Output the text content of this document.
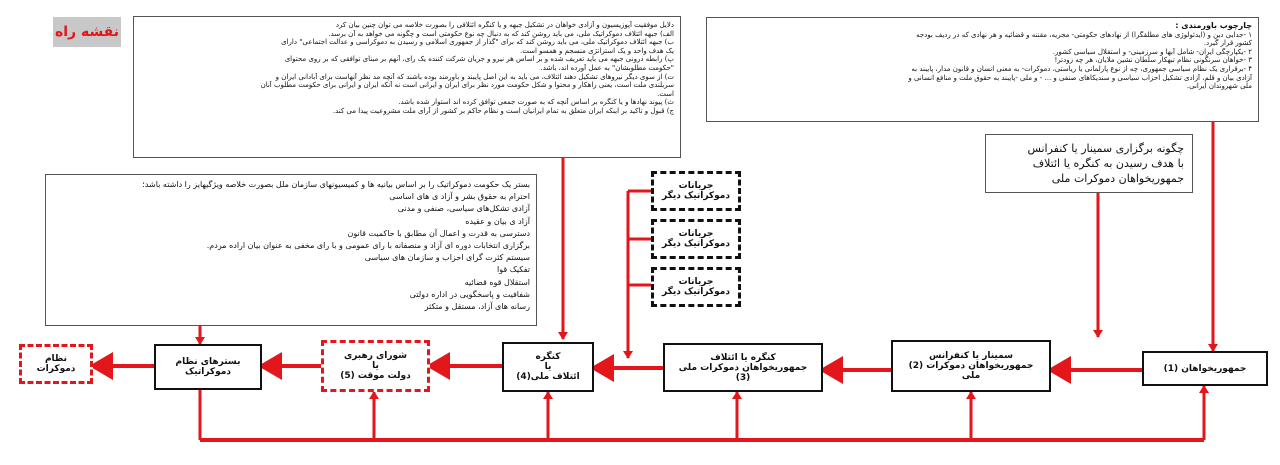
نقشه راه	دلایل موفقیت آپوزیسیون و آزادی خواهان در تشکیل جبهه و یا کنگره ائتلافی را بصورت خلاصه می توان چنین بیان کرد
الف) جبهه ائتلاف دموکراتیک ملی، می باید روشن کند که به دنبال چه نوع حکومتی است و چگونه می خواهد به آن برسد.
ب) جبهه ائتلاف دموکراتیک ملی، می باید روشن کند که برای "گذار از جمهوری اسلامی و رسیدن به دموکراسی و عدالت اجتماعی" دارای
یک هدف واحد و یک استراتژی منسجم و همسو است.
پ) رابطه درونی جبهه می باید تعریف شده و بر اساس هر نیرو و جریان شرکت کننده یک رای، آنهم بر مبنای توافقی که بر روی محتوای
"حکومت مطلوبشان" به عمل آورده اند، باشد.
ت) از سوی دیگر نیروهای تشکیل دهند ائتلاف، می باید به این اصل پایبند و باورمند بوده باشند که آنچه مد نظر آنهاست برای آبادانی ایران و
سربلندی ملت است، یعنی راهکار و محتوا و شکل حکومت مورد نظر برای ایران و ایرانی است نه آنکه ایران و ایرانی برای حکومت مطلوب آنان
است.
ث) پیوند نهادها و یا کنگره بر اساس آنچه که به صورت جمعی توافق کرده اند استوار شده باشد.
ج) قبول و تاکید بر اینکه ایران متعلق به تمام ایرانیان است و نظام حاکم بر کشور از آرای ملت مشروعیت پیدا می کند.
چارچوب باورمندی :
۱ -جدایی دین و (ایدئولوژی های مطلقگرا) از نهادهای حکومتی- مجریه، مقننه و قضائیه و هر نهادی که در ردیف بودجه
کشور قرار گیرد.
۲ -یکپارچگی ایران- شامل آبها و سرزمینی- و استقلال سیاسی کشور.
۳ -خواهان سرنگونی نظام تبهکار سلطان نشین ملایان، هر چه زودتر!
۴ -برقراری یک نظام سیاسی جمهوری، چه از نوع پارلمانی یا ریاستی، دموکرات- به معنی انسان و قانون مدار، پایبند به
آزادی بیان و قلم، آزادی تشکیل احزاب سیاسی و سندیکاهای صنفی و ... - و ملی -پایبند به حقوق ملت و منافع انسانی و
ملی شهروندان ایرانی.
چگونه برگزاری سمینار یا کنفرانس
با هدف رسیدن به کنگره یا ائتلاف
جمهوریخواهان دموکرات ملی
بستر یک حکومت دموکراتیک را بر اساس بیانیه ها و کمیسیونهای سازمان ملل بصورت خلاصه ویژگیهایز را داشته باشد؛
احترام به حقوق بشر و آزاد ی های اساسی
آزادی تشکل‌های سیاسی، صنفی و مدنی
آزاد ی بیان و عقیده
دسترسی به قدرت و اعمال آن مطابق با حاکمیت قانون
برگزاری انتخابات دوره ای آزاد و منصفانه با رای عمومی و با رای مخفی به عنوان بیان اراده مردم.
سیستم کثرت گرای احزاب و سازمان های سیاسی
تفکیک قوا
استقلال قوه قضائیه
شفافیت و پاسخگویی در اداره دولتی
رسانه های آزاد، مستقل و متکثر
جریانات
دموکراتیک دیگر
جریانات
دموکراتیک دیگر
جریانات
دموکراتیک دیگر
جمهوریخواهان (1)
سمینار یا کنفرانس
جمهوریخواهان دموکرات (2)
ملی
کنگره یا ائتلاف
جمهوریخواهان دموکرات ملی
(3)
کنگره
یا
ائتلاف ملی(4)
شورای رهبری
یا
دولت موقت (5)
بسترهای نظام
دموکراتیک
نظام
دموکرات
